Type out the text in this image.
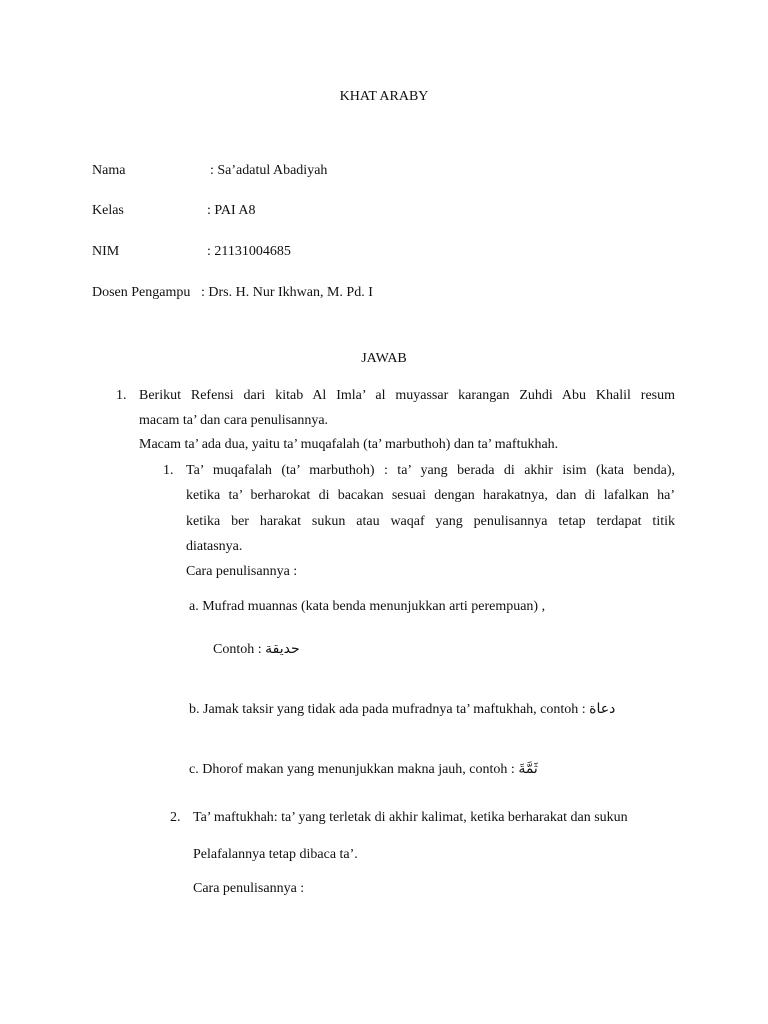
KHAT ARABY
Nama	: Sa’adatul Abadiyah
Kelas	: PAI A8
NIM	: 21131004685
Dosen Pengampu : Drs. H. Nur Ikhwan, M. Pd. I
JAWAB
1. Berikut Refensi dari kitab Al Imla’ al muyassar karangan Zuhdi Abu Khalil resum
macam ta’ dan cara penulisannya.
Macam ta’ ada dua, yaitu ta’ muqafalah (ta’ marbuthoh) dan ta’ maftukhah.
1. Ta’ muqafalah (ta’ marbuthoh) : ta’ yang berada di akhir isim (kata benda),
ketika ta’ berharokat di bacakan sesuai dengan harakatnya, dan di lafalkan ha’
ketika ber harakat sukun atau waqaf yang penulisannya tetap terdapat titik
diatasnya.
Cara penulisannya :
a. Mufrad muannas (kata benda menunjukkan arti perempuan) ,
Contoh : حديقة
b. Jamak taksir yang tidak ada pada mufradnya ta’ maftukhah, contoh : دعاة
c. Dhorof makan yang menunjukkan makna jauh, contoh : ثَمَّةَ
2. Ta’ maftukhah: ta’ yang terletak di akhir kalimat, ketika berharakat dan sukun
Pelafalannya tetap dibaca ta’.
Cara penulisannya :
